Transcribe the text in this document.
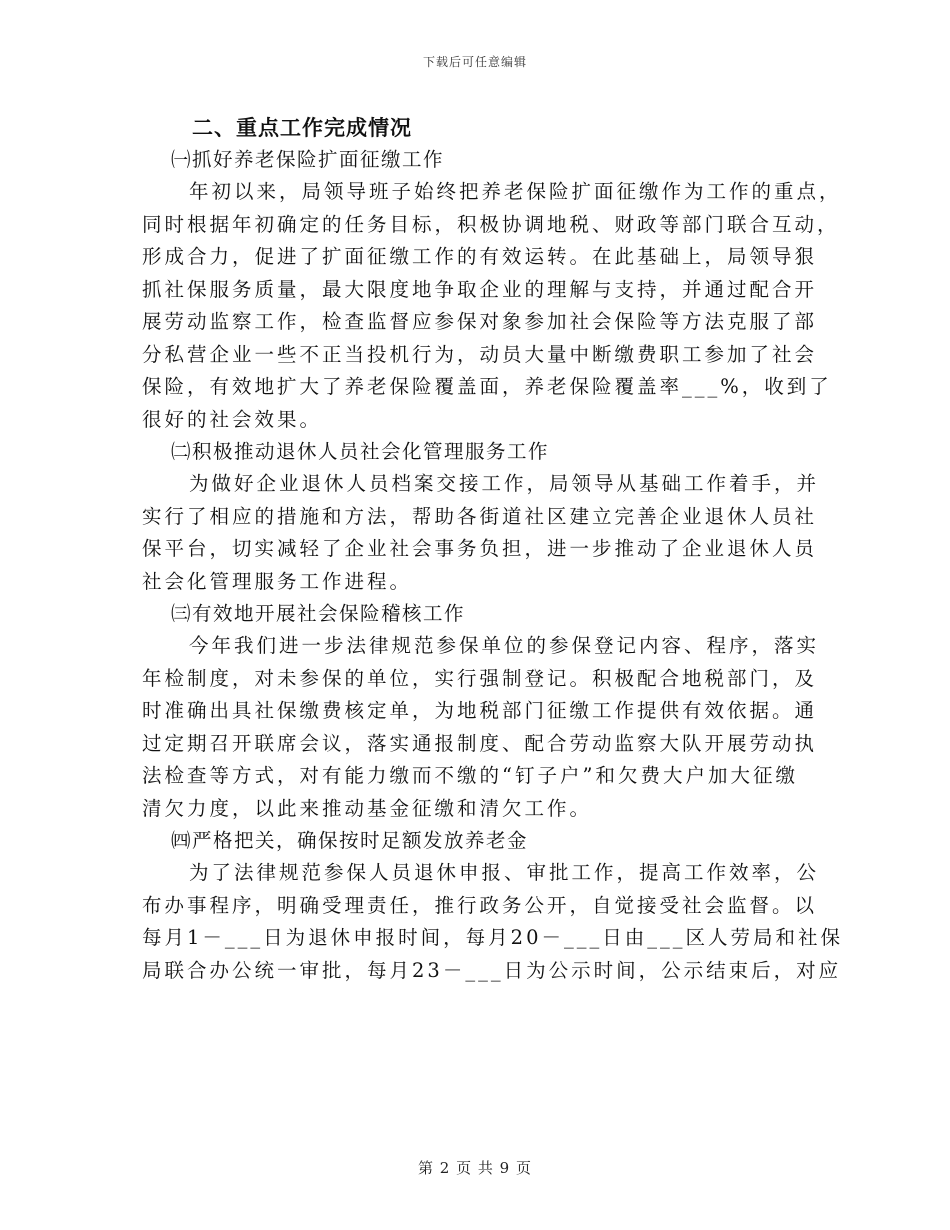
下载后可任意编辑
二、重点工作完成情况
㈠抓好养老保险扩面征缴工作
年初以来，局领导班子始终把养老保险扩面征缴作为工作的重点，
同时根据年初确定的任务目标，积极协调地税、财政等部门联合互动，
形成合力，促进了扩面征缴工作的有效运转。在此基础上，局领导狠
抓社保服务质量，最大限度地争取企业的理解与支持，并通过配合开
展劳动监察工作，检查监督应参保对象参加社会保险等方法克服了部
分私营企业一些不正当投机行为，动员大量中断缴费职工参加了社会
保险，有效地扩大了养老保险覆盖面，养老保险覆盖率___%，收到了
很好的社会效果。
㈡积极推动退休人员社会化管理服务工作
为做好企业退休人员档案交接工作，局领导从基础工作着手，并
实行了相应的措施和方法，帮助各街道社区建立完善企业退休人员社
保平台，切实减轻了企业社会事务负担，进一步推动了企业退休人员
社会化管理服务工作进程。
㈢有效地开展社会保险稽核工作
今年我们进一步法律规范参保单位的参保登记内容、程序，落实
年检制度，对未参保的单位，实行强制登记。积极配合地税部门，及
时准确出具社保缴费核定单，为地税部门征缴工作提供有效依据。通
过定期召开联席会议，落实通报制度、配合劳动监察大队开展劳动执
法检查等方式，对有能力缴而不缴的“钉子户”和欠费大户加大征缴
清欠力度，以此来推动基金征缴和清欠工作。
㈣严格把关，确保按时足额发放养老金
为了法律规范参保人员退休申报、审批工作，提高工作效率，公
布办事程序，明确受理责任，推行政务公开，自觉接受社会监督。以
每月1－___日为退休申报时间，每月20－___日由___区人劳局和社保
局联合办公统一审批，每月23－___日为公示时间，公示结束后，对应
第 2 页 共 9 页
